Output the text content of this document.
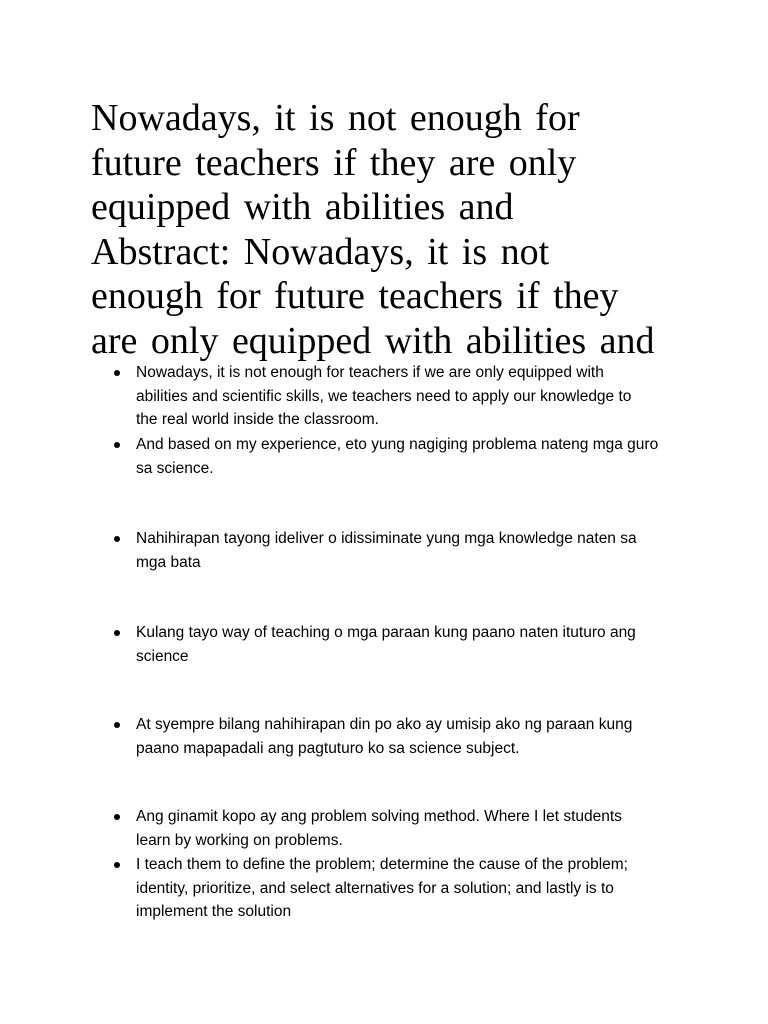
Nowadays, it is not enough for
future teachers if they are only
equipped with abilities and
Abstract: Nowadays, it is not
enough for future teachers if they
are only equipped with abilities and
Nowadays, it is not enough for teachers if we are only equipped with
abilities and scientific skills, we teachers need to apply our knowledge to
the real world inside the classroom.
And based on my experience, eto yung nagiging problema nateng mga guro
sa science.
Nahihirapan tayong ideliver o idissiminate yung mga knowledge naten sa
mga bata
Kulang tayo way of teaching o mga paraan kung paano naten ituturo ang
science
At syempre bilang nahihirapan din po ako ay umisip ako ng paraan kung
paano mapapadali ang pagtuturo ko sa science subject.
Ang ginamit kopo ay ang problem solving method. Where I let students
learn by working on problems.
I teach them to define the problem; determine the cause of the problem;
identity, prioritize, and select alternatives for a solution; and lastly is to
implement the solution
